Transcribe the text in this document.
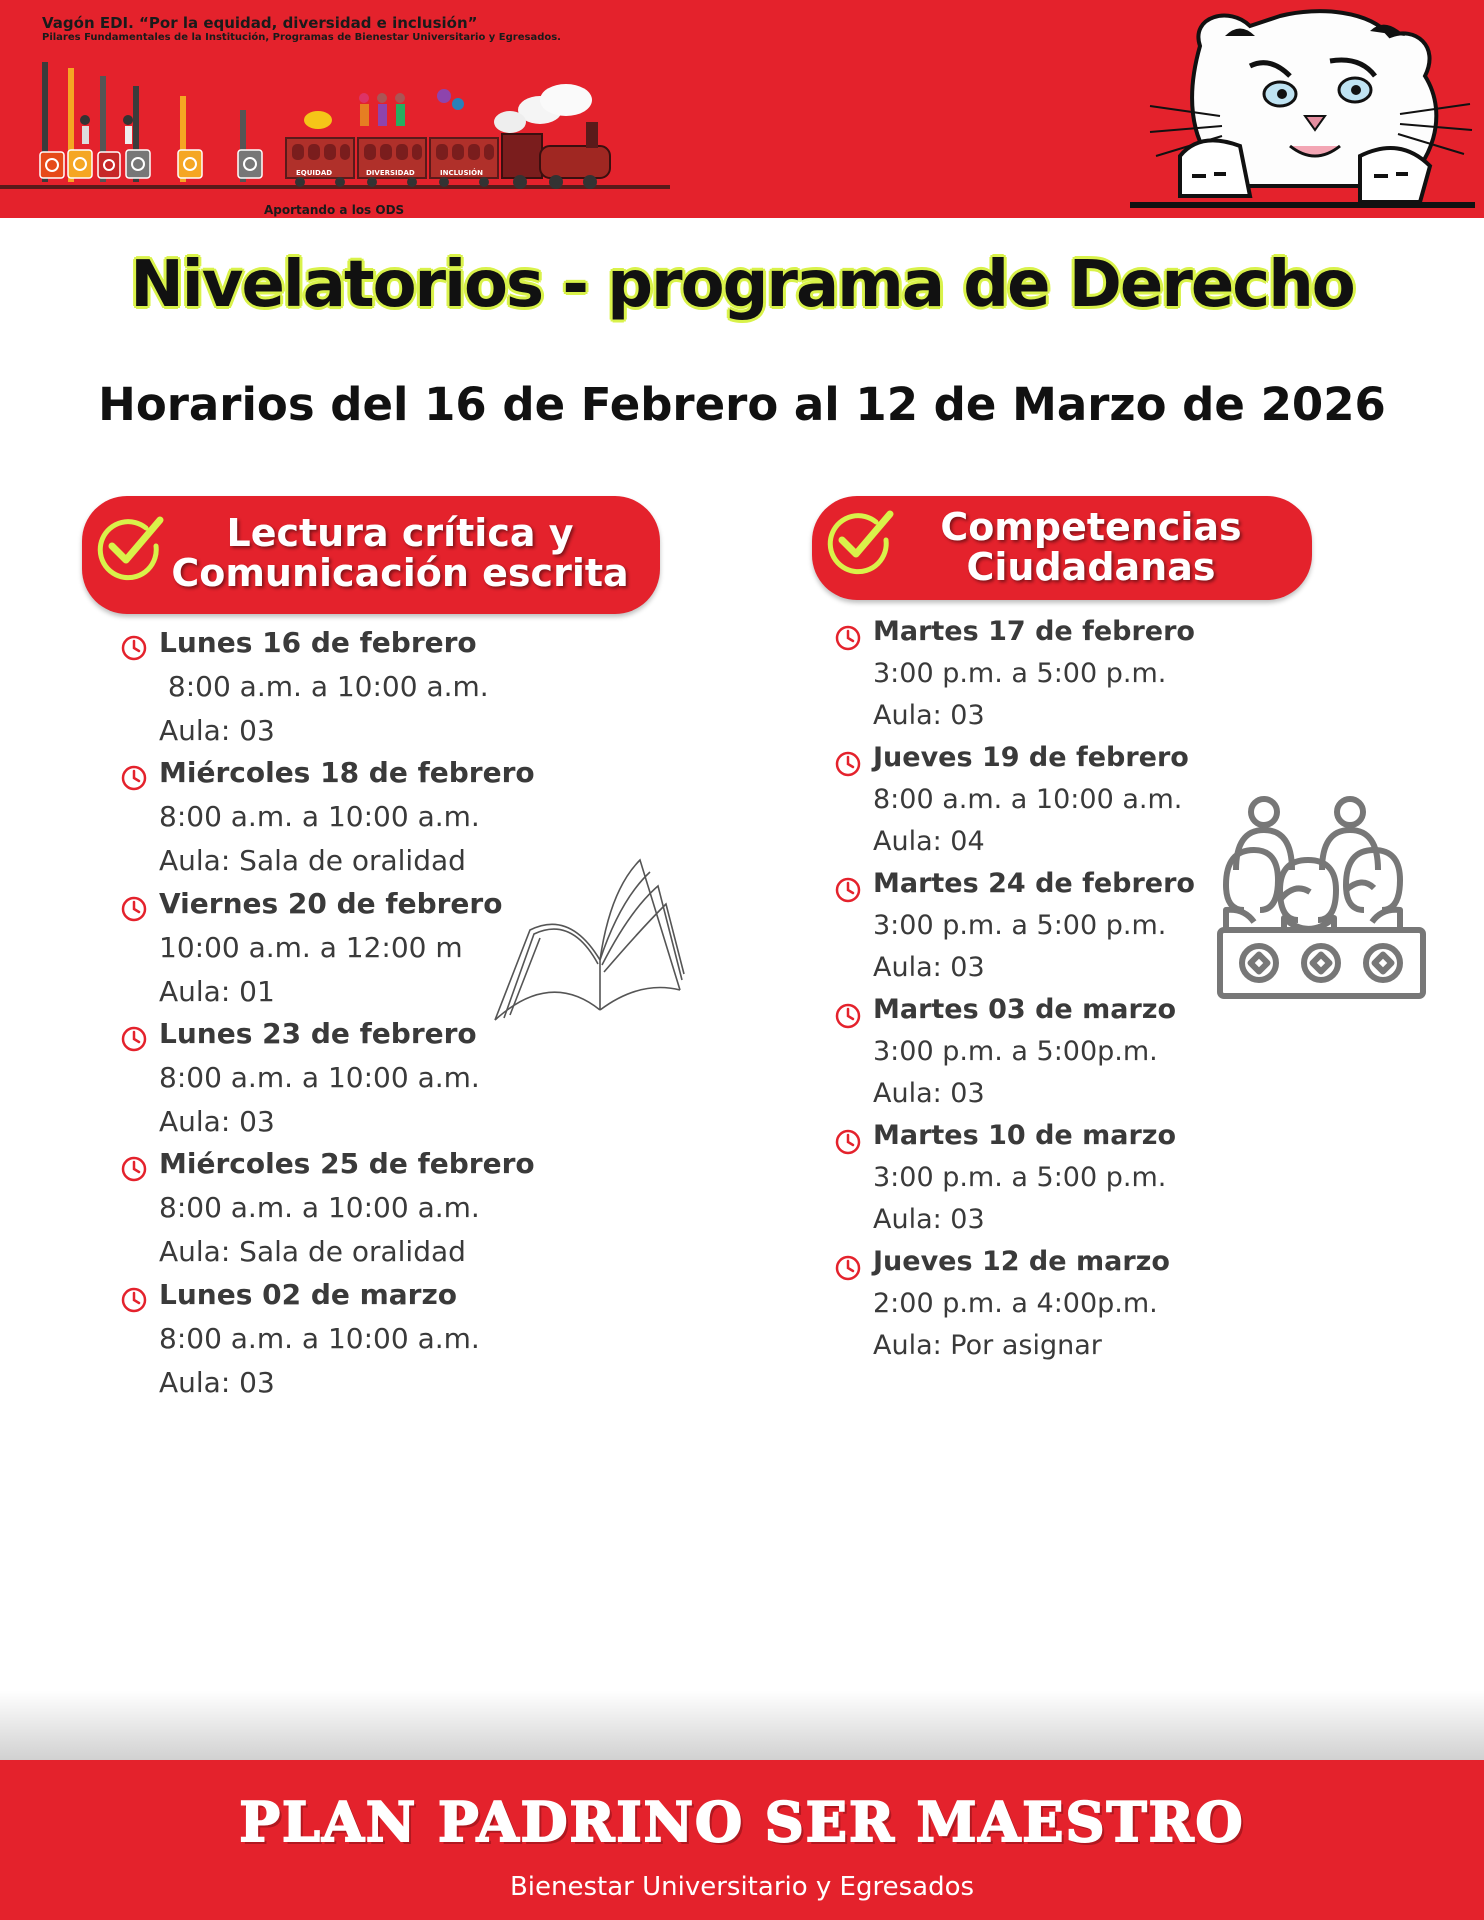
Vagón EDI. “Por la equidad, diversidad e inclusión”
Pilares Fundamentales de la Institución, Programas de Bienestar Universitario y Egresados.
EQUIDAD	DIVERSIDAD	INCLUSIÓN
Aportando a los ODS
Nivelatorios - programa de Derecho
Horarios del 16 de Febrero al 12 de Marzo de 2026
Lectura crítica y
Comunicación escrita
Lunes 16 de febrero
8:00 a.m. a 10:00 a.m.
Aula: 03
Miércoles 18 de febrero
8:00 a.m. a 10:00 a.m.
Aula: Sala de oralidad
Viernes 20 de febrero
10:00 a.m. a 12:00 m
Aula: 01
Lunes 23 de febrero
8:00 a.m. a 10:00 a.m.
Aula: 03
Miércoles 25 de febrero
8:00 a.m. a 10:00 a.m.
Aula: Sala de oralidad
Lunes 02 de marzo
8:00 a.m. a 10:00 a.m.
Aula: 03
Competencias
Ciudadanas
Martes 17 de febrero
3:00 p.m. a 5:00 p.m.
Aula: 03
Jueves 19 de febrero
8:00 a.m. a 10:00 a.m.
Aula: 04
Martes 24 de febrero
3:00 p.m. a 5:00 p.m.
Aula: 03
Martes 03 de marzo
3:00 p.m. a 5:00p.m.
Aula: 03
Martes 10 de marzo
3:00 p.m. a 5:00 p.m.
Aula: 03
Jueves 12 de marzo
2:00 p.m. a 4:00p.m.
Aula: Por asignar
PLAN PADRINO SER MAESTRO
Bienestar Universitario y Egresados
